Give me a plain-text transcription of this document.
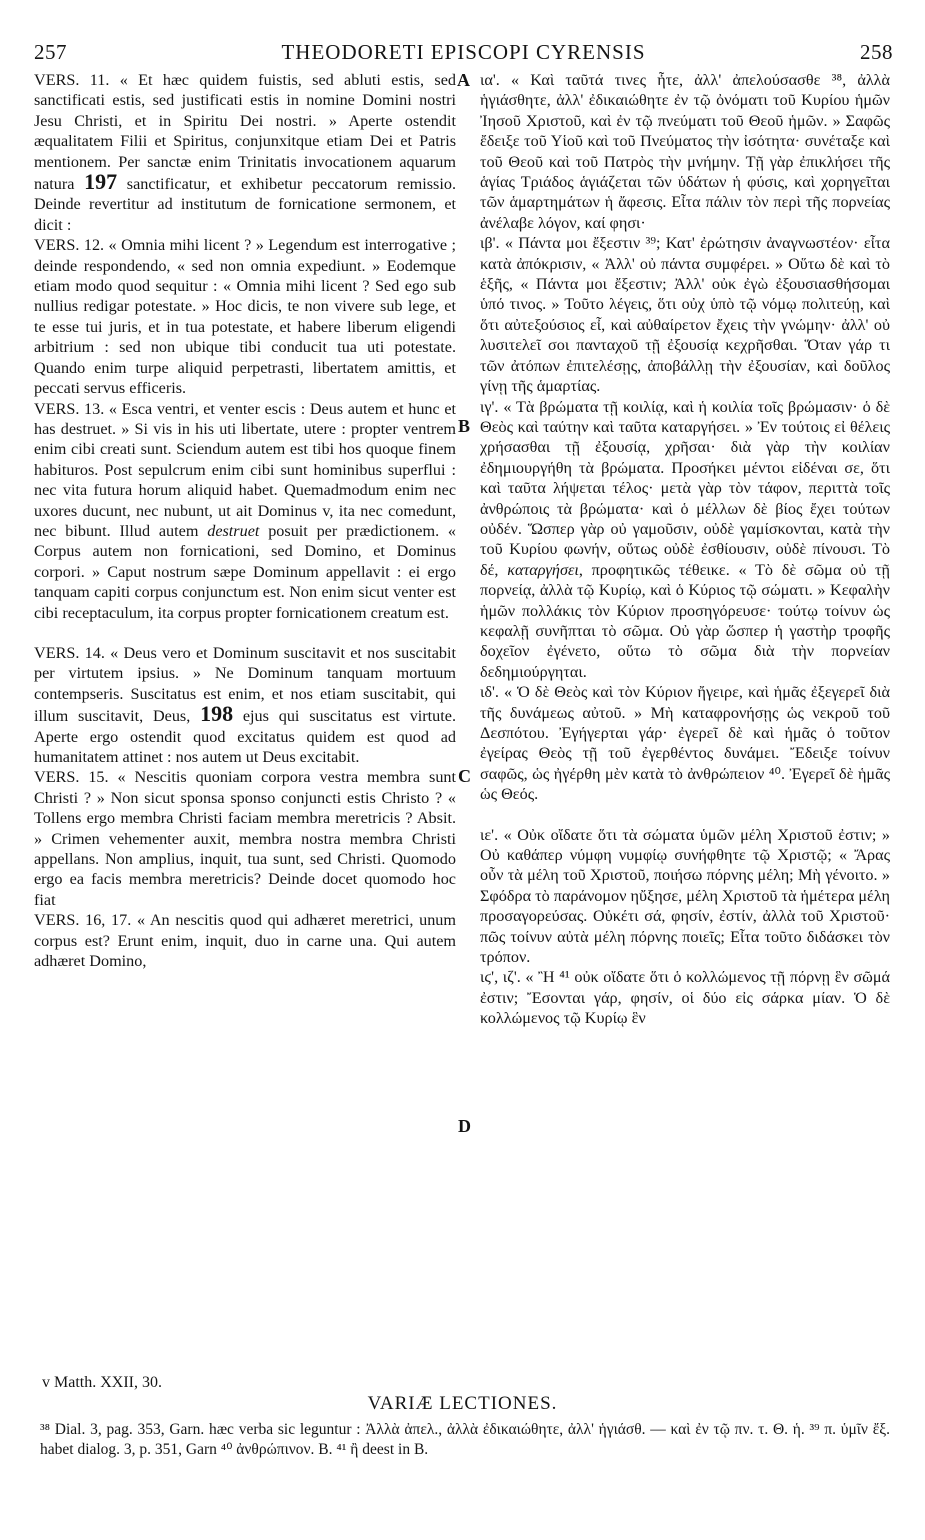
257	THEODORETI EPISCOPI CYRENSIS	258

VERS. 11. « Et hæc quidem fuistis, sed abluti estis, sed sanctificati estis, sed justificati estis in nomine Domini nostri Jesu Christi, et in Spiritu Dei nostri. » Aperte ostendit æqualitatem Filii et Spiritus, conjunxitque etiam Dei et Patris mentionem. Per sanctæ enim Trinitatis invocationem aquarum natura 197 sanctificatur, et exhibetur peccatorum remissio. Deinde revertitur ad institutum de fornicatione sermonem, et dicit :

VERS. 12. « Omnia mihi licent ? » Legendum est interrogative ; deinde respondendo, « sed non omnia expediunt. » Eodemque etiam modo quod sequitur : « Omnia mihi licent ? Sed ego sub nullius redigar potestate. » Hoc dicis, te non vivere sub lege, et te esse tui juris, et in tua potestate, et habere liberum eligendi arbitrium : sed non ubique tibi conducit tua uti potestate. Quando enim turpe aliquid perpetrasti, libertatem amittis, et peccati servus efficeris.

VERS. 13. « Esca ventri, et venter escis : Deus autem et hunc et has destruet. » Si vis in his uti libertate, utere : propter ventrem enim cibi creati sunt. Sciendum autem est tibi hos quoque finem habituros. Post sepulcrum enim cibi sunt hominibus superflui : nec vita futura horum aliquid habet. Quemadmodum enim nec uxores ducunt, nec nubunt, ut ait Dominus v, ita nec comedunt, nec bibunt. Illud autem destruet posuit per prædictionem. « Corpus autem non fornicationi, sed Domino, et Dominus corpori. » Caput nostrum sæpe Dominum appellavit : ei ergo tanquam capiti corpus conjunctum est. Non enim sicut venter est cibi receptaculum, ita corpus propter fornicationem creatum est.

VERS. 14. « Deus vero et Dominum suscitavit et nos suscitabit per virtutem ipsius. » Ne Dominum tanquam mortuum contempseris. Suscitatus est enim, et nos etiam suscitabit, qui illum suscitavit, Deus, 198 ejus qui suscitatus est virtute. Aperte ergo ostendit quod excitatus quidem est quod ad humanitatem attinet : nos autem ut Deus excitabit.

VERS. 15. « Nescitis quoniam corpora vestra membra sunt Christi ? » Non sicut sponsa sponso conjuncti estis Christo ? « Tollens ergo membra Christi faciam membra meretricis ? Absit. » Crimen vehementer auxit, membra nostra membra Christi appellans. Non amplius, inquit, tua sunt, sed Christi. Quomodo ergo ea facis membra meretricis? Deinde docet quomodo hoc fiat

VERS. 16, 17. « An nescitis quod qui adhæret meretrici, unum corpus est? Erunt enim, inquit, duo in carne una. Qui autem adhæret Domino,

A
B
C
D

ια'. « Καὶ ταῦτά τινες ἦτε, ἀλλ' ἀπελούσασθε ³⁸, ἀλλὰ ἡγιάσθητε, ἀλλ' ἐδικαιώθητε ἐν τῷ ὀνόματι τοῦ Κυρίου ἡμῶν Ἰησοῦ Χριστοῦ, καὶ ἐν τῷ πνεύματι τοῦ Θεοῦ ἡμῶν. » Σαφῶς ἔδειξε τοῦ Υἱοῦ καὶ τοῦ Πνεύματος τὴν ἰσότητα· συνέταξε καὶ τοῦ Θεοῦ καὶ τοῦ Πατρὸς τὴν μνήμην. Τῇ γὰρ ἐπικλήσει τῆς ἁγίας Τριάδος ἁγιάζεται τῶν ὑδάτων ἡ φύσις, καὶ χορηγεῖται τῶν ἁμαρτημάτων ἡ ἄφεσις. Εἶτα πάλιν τὸν περὶ τῆς πορνείας ἀνέλαβε λόγον, καί φησι·

ιβ'. « Πάντα μοι ἔξεστιν ³⁹; Κατ' ἐρώτησιν ἀναγνωστέον· εἶτα κατὰ ἀπόκρισιν, « Ἀλλ' οὐ πάντα συμφέρει. » Οὕτω δὲ καὶ τὸ ἑξῆς, « Πάντα μοι ἔξεστιν; Ἀλλ' οὐκ ἐγὼ ἐξουσιασθήσομαι ὑπό τινος. » Τοῦτο λέγεις, ὅτι οὐχ ὑπὸ τῷ νόμῳ πολιτεύῃ, καὶ ὅτι αὐτεξούσιος εἶ, καὶ αὐθαίρετον ἔχεις τὴν γνώμην· ἀλλ' οὐ λυσιτελεῖ σοι πανταχοῦ τῇ ἐξουσίᾳ κεχρῆσθαι. Ὅταν γάρ τι τῶν ἀτόπων ἐπιτελέσῃς, ἀποβάλλῃ τὴν ἐξουσίαν, καὶ δοῦλος γίνῃ τῆς ἁμαρτίας.

ιγ'. « Τὰ βρώματα τῇ κοιλίᾳ, καὶ ἡ κοιλία τοῖς βρώμασιν· ὁ δὲ Θεὸς καὶ ταύτην καὶ ταῦτα καταργήσει. » Ἐν τούτοις εἰ θέλεις χρήσασθαι τῇ ἐξουσίᾳ, χρῆσαι· διὰ γὰρ τὴν κοιλίαν ἐδημιουργήθη τὰ βρώματα. Προσήκει μέντοι εἰδέναι σε, ὅτι καὶ ταῦτα λήψεται τέλος· μετὰ γὰρ τὸν τάφον, περιττὰ τοῖς ἀνθρώποις τὰ βρώματα· καὶ ὁ μέλλων δὲ βίος ἔχει τούτων οὐδέν. Ὥσπερ γὰρ οὐ γαμοῦσιν, οὐδὲ γαμίσκονται, κατὰ τὴν τοῦ Κυρίου φωνήν, οὕτως οὐδὲ ἐσθίουσιν, οὐδὲ πίνουσι. Τὸ δέ, καταργήσει, προφητικῶς τέθεικε. « Τὸ δὲ σῶμα οὐ τῇ πορνείᾳ, ἀλλὰ τῷ Κυρίῳ, καὶ ὁ Κύριος τῷ σώματι. » Κεφαλὴν ἡμῶν πολλάκις τὸν Κύριον προσηγόρευσε· τούτῳ τοίνυν ὡς κεφαλῇ συνῆπται τὸ σῶμα. Οὐ γὰρ ὥσπερ ἡ γαστὴρ τροφῆς δοχεῖον ἐγένετο, οὕτω τὸ σῶμα διὰ τὴν πορνείαν δεδημιούργηται.

ιδ'. « Ὁ δὲ Θεὸς καὶ τὸν Κύριον ἤγειρε, καὶ ἡμᾶς ἐξεγερεῖ διὰ τῆς δυνάμεως αὐτοῦ. » Μὴ καταφρονήσῃς ὡς νεκροῦ τοῦ Δεσπότου. Ἐγήγερται γάρ· ἐγερεῖ δὲ καὶ ἡμᾶς ὁ τοῦτον ἐγείρας Θεὸς τῇ τοῦ ἐγερθέντος δυνάμει. Ἔδειξε τοίνυν σαφῶς, ὡς ἠγέρθη μὲν κατὰ τὸ ἀνθρώπειον ⁴⁰. Ἐγερεῖ δὲ ἡμᾶς ὡς Θεός.

ιε'. « Οὐκ οἴδατε ὅτι τὰ σώματα ὑμῶν μέλη Χριστοῦ ἐστιν; » Οὐ καθάπερ νύμφη νυμφίῳ συνήφθητε τῷ Χριστῷ; « Ἄρας οὖν τὰ μέλη τοῦ Χριστοῦ, ποιήσω πόρνης μέλη; Μὴ γένοιτο. » Σφόδρα τὸ παράνομον ηὔξησε, μέλη Χριστοῦ τὰ ἡμέτερα μέλη προσαγορεύσας. Οὐκέτι σά, φησίν, ἐστίν, ἀλλὰ τοῦ Χριστοῦ· πῶς τοίνυν αὐτὰ μέλη πόρνης ποιεῖς; Εἶτα τοῦτο διδάσκει τὸν τρόπον.

ιϛ', ιζ'. « Ἢ ⁴¹ οὐκ οἴδατε ὅτι ὁ κολλώμενος τῇ πόρνῃ ἓν σῶμά ἐστιν; Ἔσονται γάρ, φησίν, οἱ δύο εἰς σάρκα μίαν. Ὁ δὲ κολλώμενος τῷ Κυρίῳ ἓν

v Matth. XXII, 30.
VARIÆ LECTIONES.
³⁸ Dial. 3, pag. 353, Garn. hæc verba sic leguntur : Ἀλλὰ ἀπελ., ἀλλὰ ἐδικαιώθητε, ἀλλ' ἡγιάσθ. — καὶ ἐν τῷ πν. τ. Θ. ἡ. ³⁹ π. ὑμῖν ἔξ. habet dialog. 3, p. 351, Garn ⁴⁰ ἀνθρώπινον. B. ⁴¹ ἢ deest in B.
